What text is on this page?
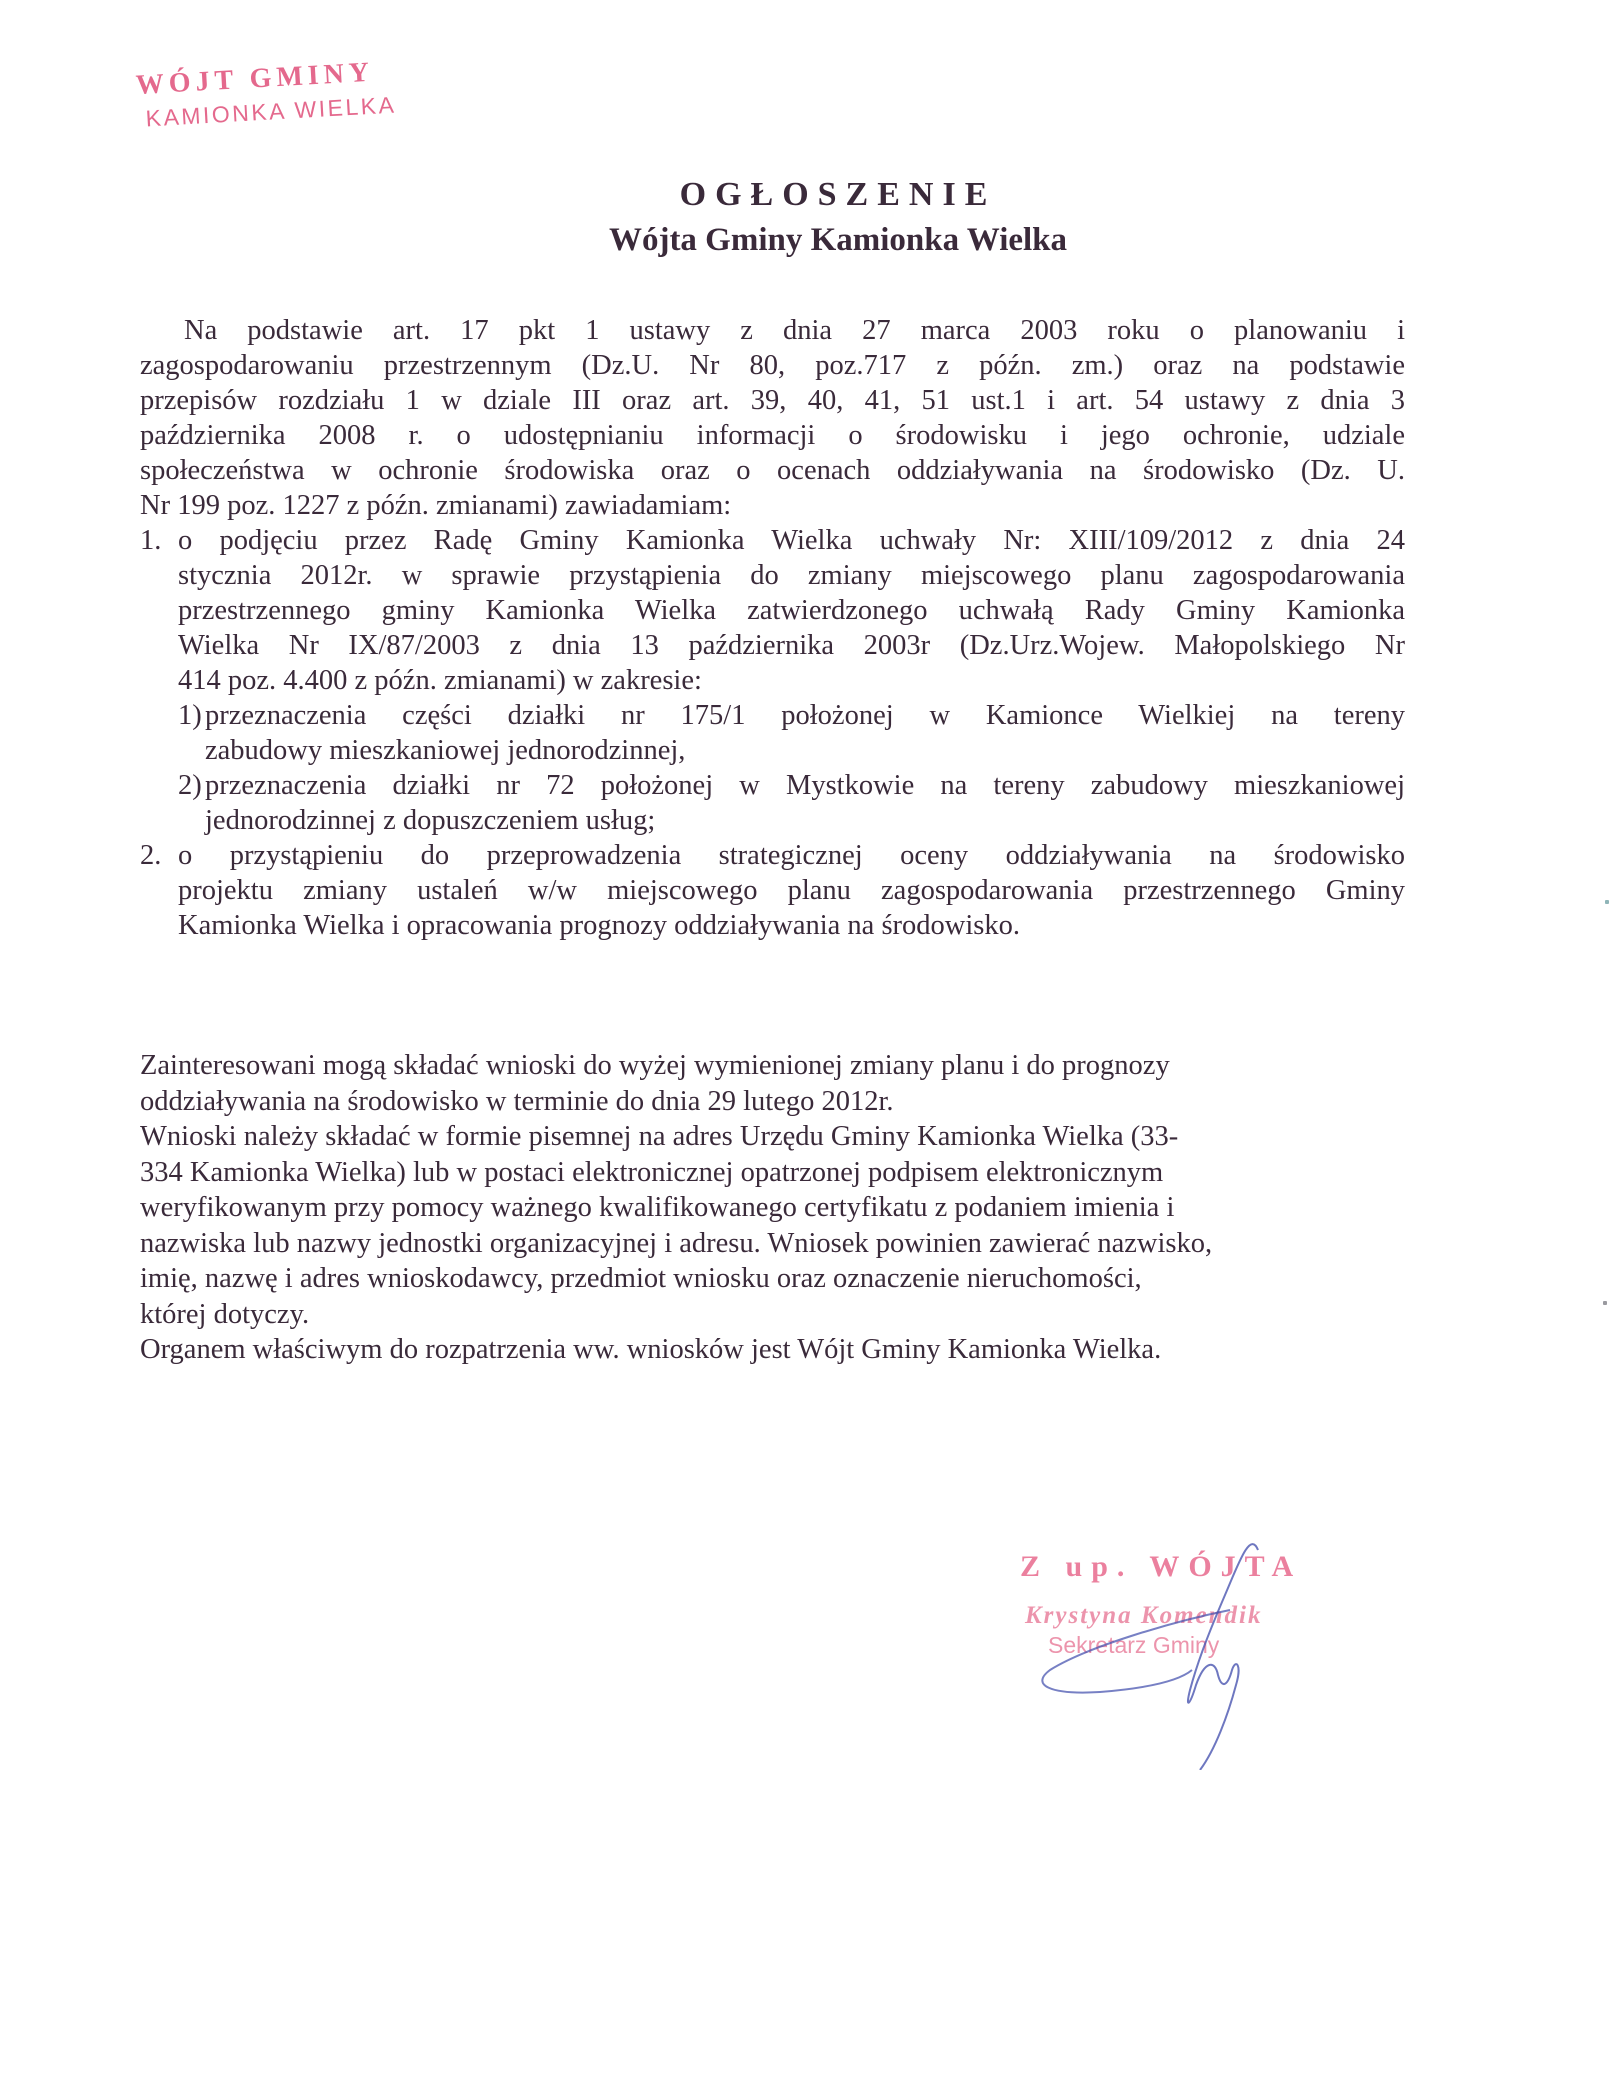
WÓJT GMINY
KAMIONKA WIELKA
OGŁOSZENIE
Wójta Gminy Kamionka Wielka
Na podstawie art. 17 pkt 1 ustawy z dnia 27 marca 2003 roku o planowaniu i
zagospodarowaniu przestrzennym (Dz.U. Nr 80, poz.717 z późn. zm.) oraz na podstawie
przepisów rozdziału 1 w dziale III oraz art. 39, 40, 41, 51 ust.1 i art. 54 ustawy z dnia 3
października 2008 r. o udostępnianiu informacji o środowisku i jego ochronie, udziale
społeczeństwa w ochronie środowiska oraz o ocenach oddziaływania na środowisko (Dz. U.
Nr 199 poz. 1227 z późn. zmianami) zawiadamiam:
1. o podjęciu przez Radę Gminy Kamionka Wielka uchwały Nr: XIII/109/2012 z dnia 24
stycznia 2012r. w sprawie przystąpienia do zmiany miejscowego planu zagospodarowania
przestrzennego gminy Kamionka Wielka zatwierdzonego uchwałą Rady Gminy Kamionka
Wielka Nr IX/87/2003 z dnia 13 października 2003r (Dz.Urz.Wojew. Małopolskiego Nr
414 poz. 4.400 z późn. zmianami) w zakresie:
1) przeznaczenia części działki nr 175/1 położonej w Kamionce Wielkiej na tereny
zabudowy mieszkaniowej jednorodzinnej,
2) przeznaczenia działki nr 72 położonej w Mystkowie na tereny zabudowy mieszkaniowej
jednorodzinnej z dopuszczeniem usług;
2. o przystąpieniu do przeprowadzenia strategicznej oceny oddziaływania na środowisko
projektu zmiany ustaleń w/w miejscowego planu zagospodarowania przestrzennego Gminy
Kamionka Wielka i opracowania prognozy oddziaływania na środowisko.
Zainteresowani mogą składać wnioski do wyżej wymienionej zmiany planu i do prognozy
oddziaływania na środowisko w terminie do dnia 29 lutego 2012r.
Wnioski należy składać w formie pisemnej na adres Urzędu Gminy Kamionka Wielka (33-
334 Kamionka Wielka) lub w postaci elektronicznej opatrzonej podpisem elektronicznym
weryfikowanym przy pomocy ważnego kwalifikowanego certyfikatu z podaniem imienia i
nazwiska lub nazwy jednostki organizacyjnej i adresu. Wniosek powinien zawierać nazwisko,
imię, nazwę i adres wnioskodawcy, przedmiot wniosku oraz oznaczenie nieruchomości,
której dotyczy.
Organem właściwym do rozpatrzenia ww. wniosków jest Wójt Gminy Kamionka Wielka.
Z up. WÓJTA
Krystyna Komendik
Sekretarz Gminy
